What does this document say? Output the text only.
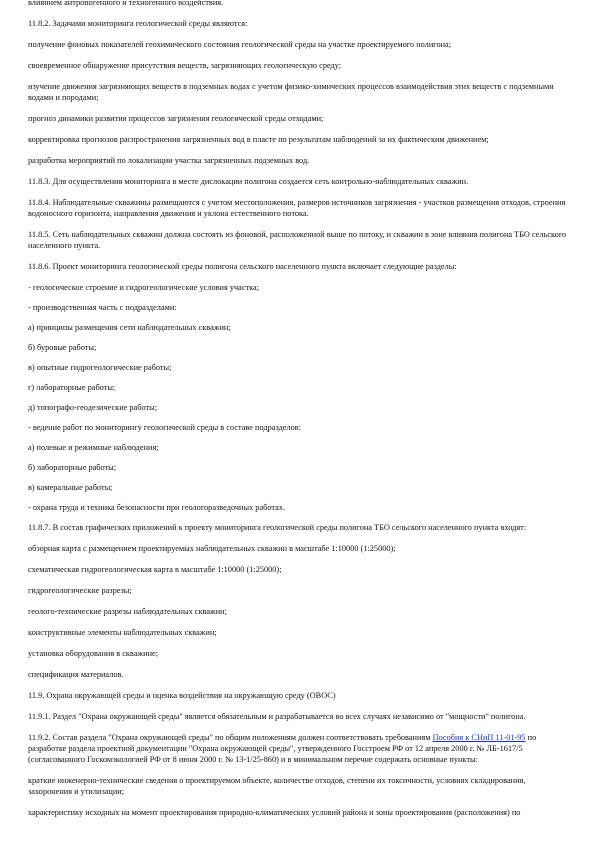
влиянием антропогенного и техногенного воздействия.

11.8.2. Задачами мониторинга геологической среды являются:

получение фоновых показателей геохимического состояния геологической среды на участке проектируемого полигона;

своевременное обнаружение присутствия веществ, загрязняющих геологическую среду;

изучение движения загрязняющих веществ в подземных водах с учетом физико-химических процессов взаимодействия этих веществ с подземными водами и породами;

прогноз динамики развития процессов загрязнения геологической среды отходами;

корректировка прогнозов распространения загрязненных вод в пласте по результатам наблюдений за их фактическим движением;

разработка мероприятий по локализации участка загрязненных подземных вод.

11.8.3. Для осуществления мониторинга в месте дислокации полигона создается сеть контрольно-наблюдательных скважин.

11.8.4. Наблюдательные скважины размещаются с учетом местоположения, размеров источников загрязнения - участков размещения отходов, строения водоносного горизонта, направления движения и уклона естественного потока.

11.8.5. Сеть наблюдательных скважин должна состоять из фоновой, расположенной выше по потоку, и скважин в зоне влияния полигона ТБО сельского населенного пункта.

11.8.6. Проект мониторинга геологической среды полигона сельского населенного пункта включает следующие разделы:

- геологическое строение и гидрогеологические условия участка;

- производственная часть с подразделами:

а) принципы размещения сети наблюдательных скважин;

б) буровые работы;

в) опытные гидрогеологические работы;

г) лабораторные работы;

д) топографо-геодезические работы;

- ведение работ по мониторингу геологической среды в составе подразделов:

а) полевые и режимные наблюдения;

б) лабораторные работы;

в) камеральные работы;

- охрана труда и техника безопасности при геологоразведочных работах.

11.8.7. В состав графических приложений к проекту мониторинга геологической среды полигона ТБО сельского населенного пункта входят:

обзорная карта с размещением проектируемых наблюдательных скважин в масштабе 1:10000 (1:25000);

схематическая гидрогеологическая карта в масштабе 1:10000 (1:25000);

гидрогеологические разрезы;

геолого-технические разрезы наблюдательных скважин;

конструктивные элементы наблюдательных скважин;

установка оборудования в скважине;

спецификация материалов.

11.9. Охрана окружающей среды и оценка воздействия на окружающую среду (ОВОС)

11.9.1. Раздел "Охрана окружающей среды" является обязательным и разрабатывается во всех случаях независимо от "мощности" полигона.

11.9.2. Состав раздела "Охрана окружающей среды" по общим положениям должен соответствовать требованиям Пособия к СНиП 11-01-95 по разработке раздела проектной документации "Охрана окружающей среды", утвержденного Госстроем РФ от 12 апреля 2000 г. № ЛБ-1617/5 (согласованного Госкомэкологией РФ от 8 июня 2000 г. № 13-1/25-860) и в минимальном перечне содержать основные пункты:

краткие инженерно-технические сведения о проектируемом объекте, количестве отходов, степени их токсичности, условиях складирования, захоронения и утилизации;

характеристику исходных на момент проектирования природно-климатических условий района и зоны проектирования (расположения) по
